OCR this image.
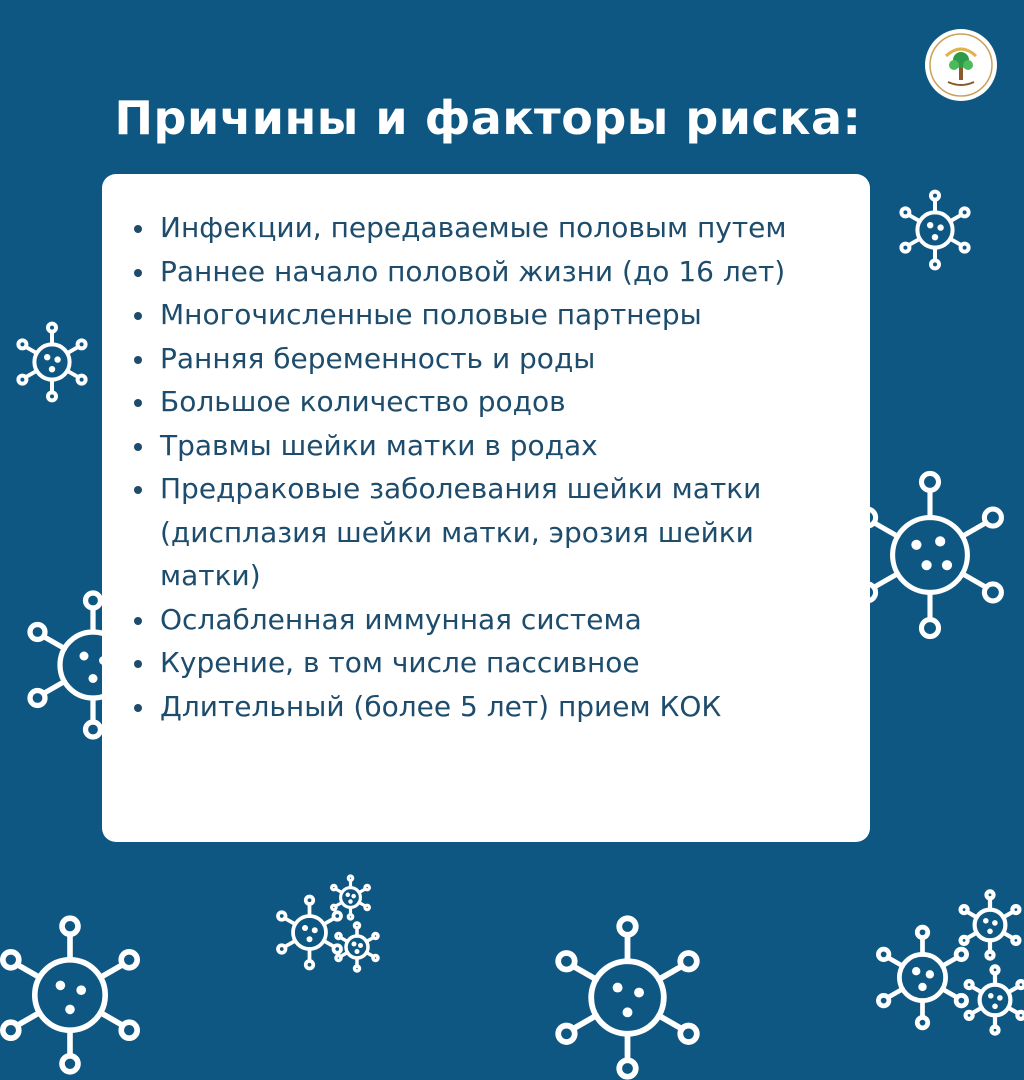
Причины и факторы риска:
Инфекции, передаваемые половым путем
Раннее начало половой жизни (до 16 лет)
Многочисленные половые партнеры
Ранняя беременность и роды
Большое количество родов
Травмы шейки матки в родах
Предраковые заболевания шейки матки (дисплазия шейки матки, эрозия шейки матки)
Ослабленная иммунная система
Курение, в том числе пассивное
Длительный (более 5 лет) прием КОК
